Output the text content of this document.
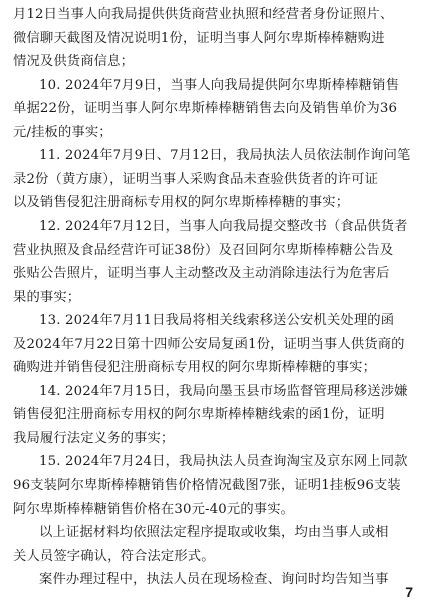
月12日当事人向我局提供供货商营业执照和经营者身份证照片、
微信聊天截图及情况说明1份，证明当事人阿尔卑斯棒棒糖购进
情况及供货商信息；
10. 2024年7月9日，当事人向我局提供阿尔卑斯棒棒糖销售
单据22份，证明当事人阿尔卑斯棒棒糖销售去向及销售单价为36
元/挂板的事实；
11. 2024年7月9日、7月12日，我局执法人员依法制作询问笔
录2份（黄方康），证明当事人采购食品未查验供货者的许可证
以及销售侵犯注册商标专用权的阿尔卑斯棒棒糖的事实；
12. 2024年7月12日，当事人向我局提交整改书（食品供货者
营业执照及食品经营许可证38份）及召回阿尔卑斯棒棒糖公告及
张贴公告照片，证明当事人主动整改及主动消除违法行为危害后
果的事实；
13. 2024年7月11日我局将相关线索移送公安机关处理的函
及2024年7月22日第十四师公安局复函1份，证明当事人供货商的
确购进并销售侵犯注册商标专用权的阿尔卑斯棒棒糖的事实；
14. 2024年7月15日，我局向墨玉县市场监督管理局移送涉嫌
销售侵犯注册商标专用权的阿尔卑斯棒棒糖线索的函1份，证明
我局履行法定义务的事实；
15. 2024年7月24日，我局执法人员查询淘宝及京东网上同款
96支装阿尔卑斯棒棒糖销售价格情况截图7张，证明1挂板96支装
阿尔卑斯棒棒糖销售价格在30元-40元的事实。
以上证据材料均依照法定程序提取或收集，均由当事人或相
关人员签字确认，符合法定形式。
案件办理过程中，执法人员在现场检查、询问时均告知当事
7
